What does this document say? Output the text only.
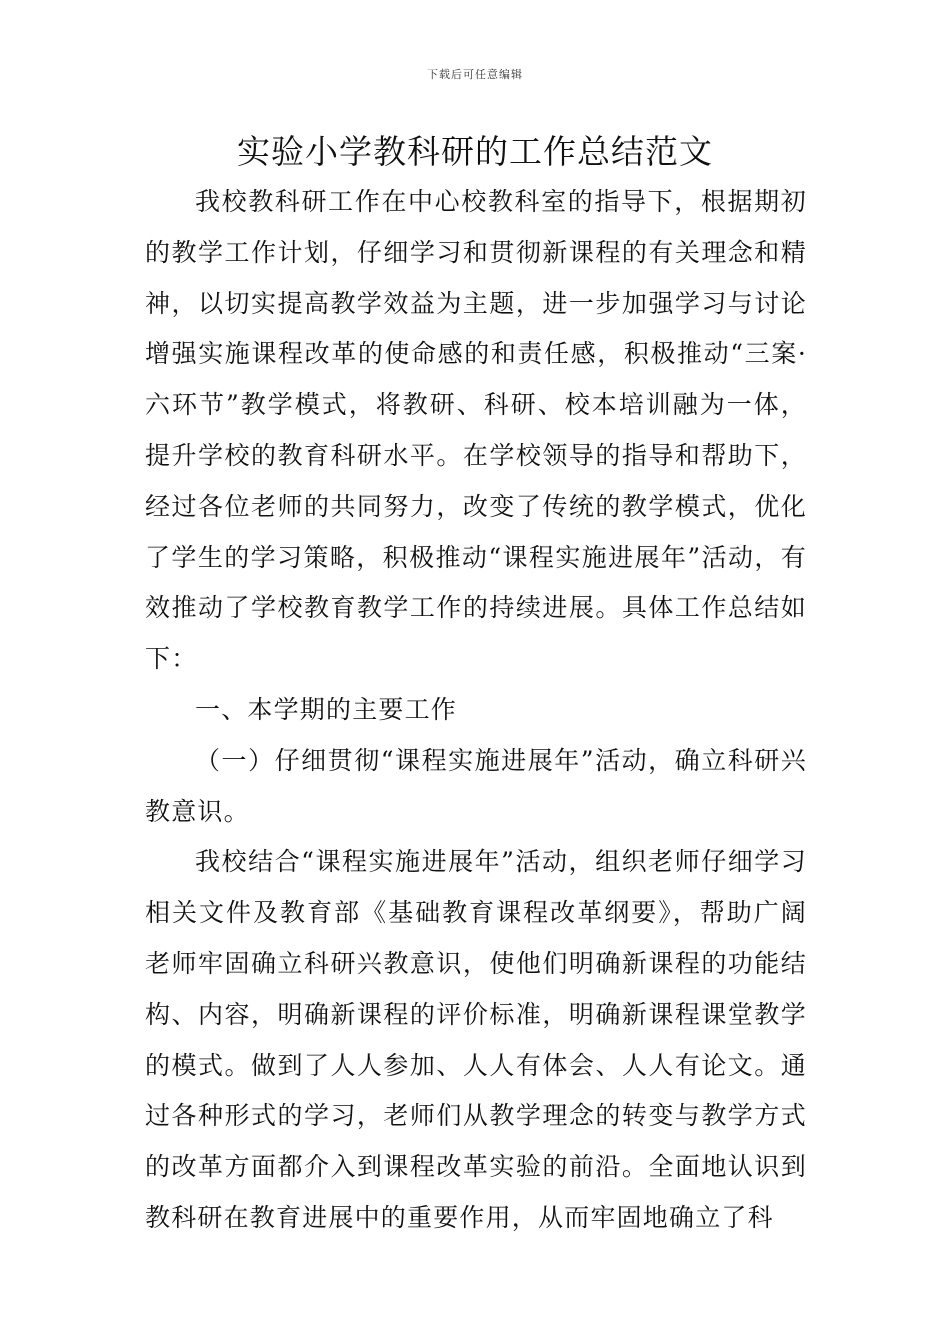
下载后可任意编辑
实验小学教科研的工作总结范文

我校教科研工作在中心校教科室的指导下，根据期初的教学工作计划，仔细学习和贯彻新课程的有关理念和精神，以切实提高教学效益为主题，进一步加强学习与讨论增强实施课程改革的使命感的和责任感，积极推动“三案·六环节”教学模式，将教研、科研、校本培训融为一体，提升学校的教育科研水平。在学校领导的指导和帮助下，经过各位老师的共同努力，改变了传统的教学模式，优化了学生的学习策略，积极推动“课程实施进展年”活动，有效推动了学校教育教学工作的持续进展。具体工作总结如下：

一、本学期的主要工作

（一）仔细贯彻“课程实施进展年”活动，确立科研兴教意识。

我校结合“课程实施进展年”活动，组织老师仔细学习相关文件及教育部《基础教育课程改革纲要》，帮助广阔老师牢固确立科研兴教意识，使他们明确新课程的功能结构、内容，明确新课程的评价标准，明确新课程课堂教学的模式。做到了人人参加、人人有体会、人人有论文。通过各种形式的学习，老师们从教学理念的转变与教学方式的改革方面都介入到课程改革实验的前沿。全面地认识到教科研在教育进展中的重要作用，从而牢固地确立了科
